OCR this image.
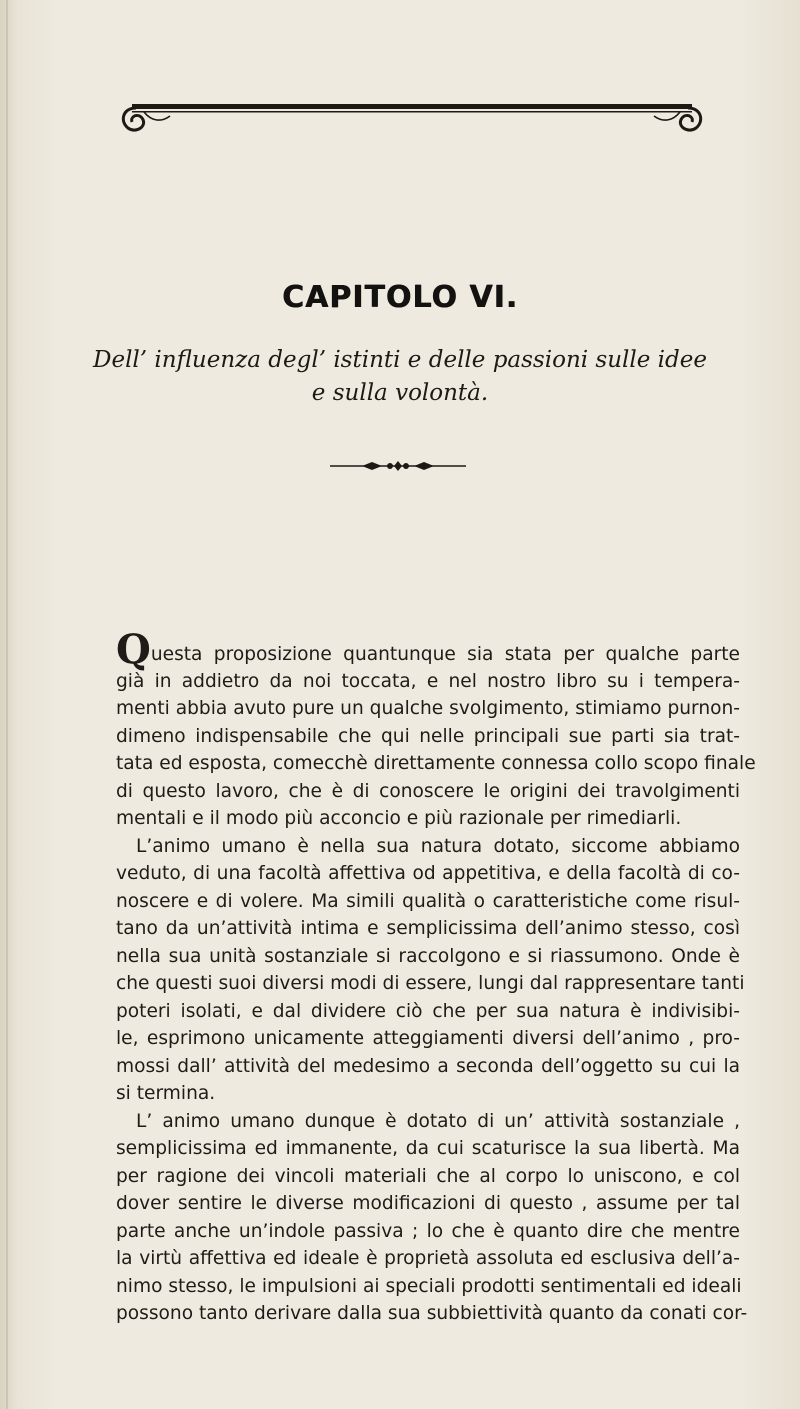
CAPITOLO VI.
Dell’ influenza degl’ istinti e delle passioni sulle idee
e sulla volontà.
Questa proposizione quantunque sia stata per qualche parte
già in addietro da noi toccata, e nel nostro libro su i tempera-
menti abbia avuto pure un qualche svolgimento, stimiamo purnon-
dimeno indispensabile che qui nelle principali sue parti sia trat-
tata ed esposta, comecchè direttamente connessa collo scopo finale
di questo lavoro, che è di conoscere le origini dei travolgimenti
mentali e il modo più acconcio e più razionale per rimediarli.
L’animo umano è nella sua natura dotato, siccome abbiamo
veduto, di una facoltà affettiva od appetitiva, e della facoltà di co-
noscere e di volere. Ma simili qualità o caratteristiche come risul-
tano da un’attività intima e semplicissima dell’animo stesso, così
nella sua unità sostanziale si raccolgono e si riassumono. Onde è
che questi suoi diversi modi di essere, lungi dal rappresentare tanti
poteri isolati, e dal dividere ciò che per sua natura è indivisibi-
le, esprimono unicamente atteggiamenti diversi dell’animo , pro-
mossi dall’ attività del medesimo a seconda dell’oggetto su cui la
si termina.
L’ animo umano dunque è dotato di un’ attività sostanziale ,
semplicissima ed immanente, da cui scaturisce la sua libertà. Ma
per ragione dei vincoli materiali che al corpo lo uniscono, e col
dover sentire le diverse modificazioni di questo , assume per tal
parte anche un’indole passiva ; lo che è quanto dire che mentre
la virtù affettiva ed ideale è proprietà assoluta ed esclusiva dell’a-
nimo stesso, le impulsioni ai speciali prodotti sentimentali ed ideali
possono tanto derivare dalla sua subbiettività quanto da conati cor-
